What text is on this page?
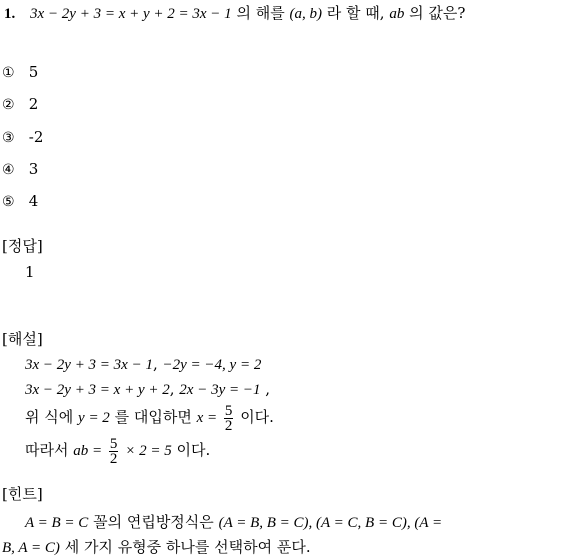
1. 3x − 2y + 3 = x + y + 2 = 3x − 1 의 해를 (a, b) 라 할 때, ab 의 값은?
① 5
② 2
③ -2
④ 3
⑤ 4
[정답]
1
[해설]
3x − 2y + 3 = 3x − 1, −2y = −4, y = 2
3x − 2y + 3 = x + y + 2, 2x − 3y = −1 ,
위 식에 y = 2 를 대입하면 $x = \frac{5}{2}$ 이다.
따라서 ab = $\frac{5}{2} \times 2 = 5$ 이다.
[힌트]
A = B = C 꼴의 연립방정식은 (A = B, B = C), (A = C, B = C), (A =
B, A = C) 세 가지 유형중 하나를 선택하여 푼다.
